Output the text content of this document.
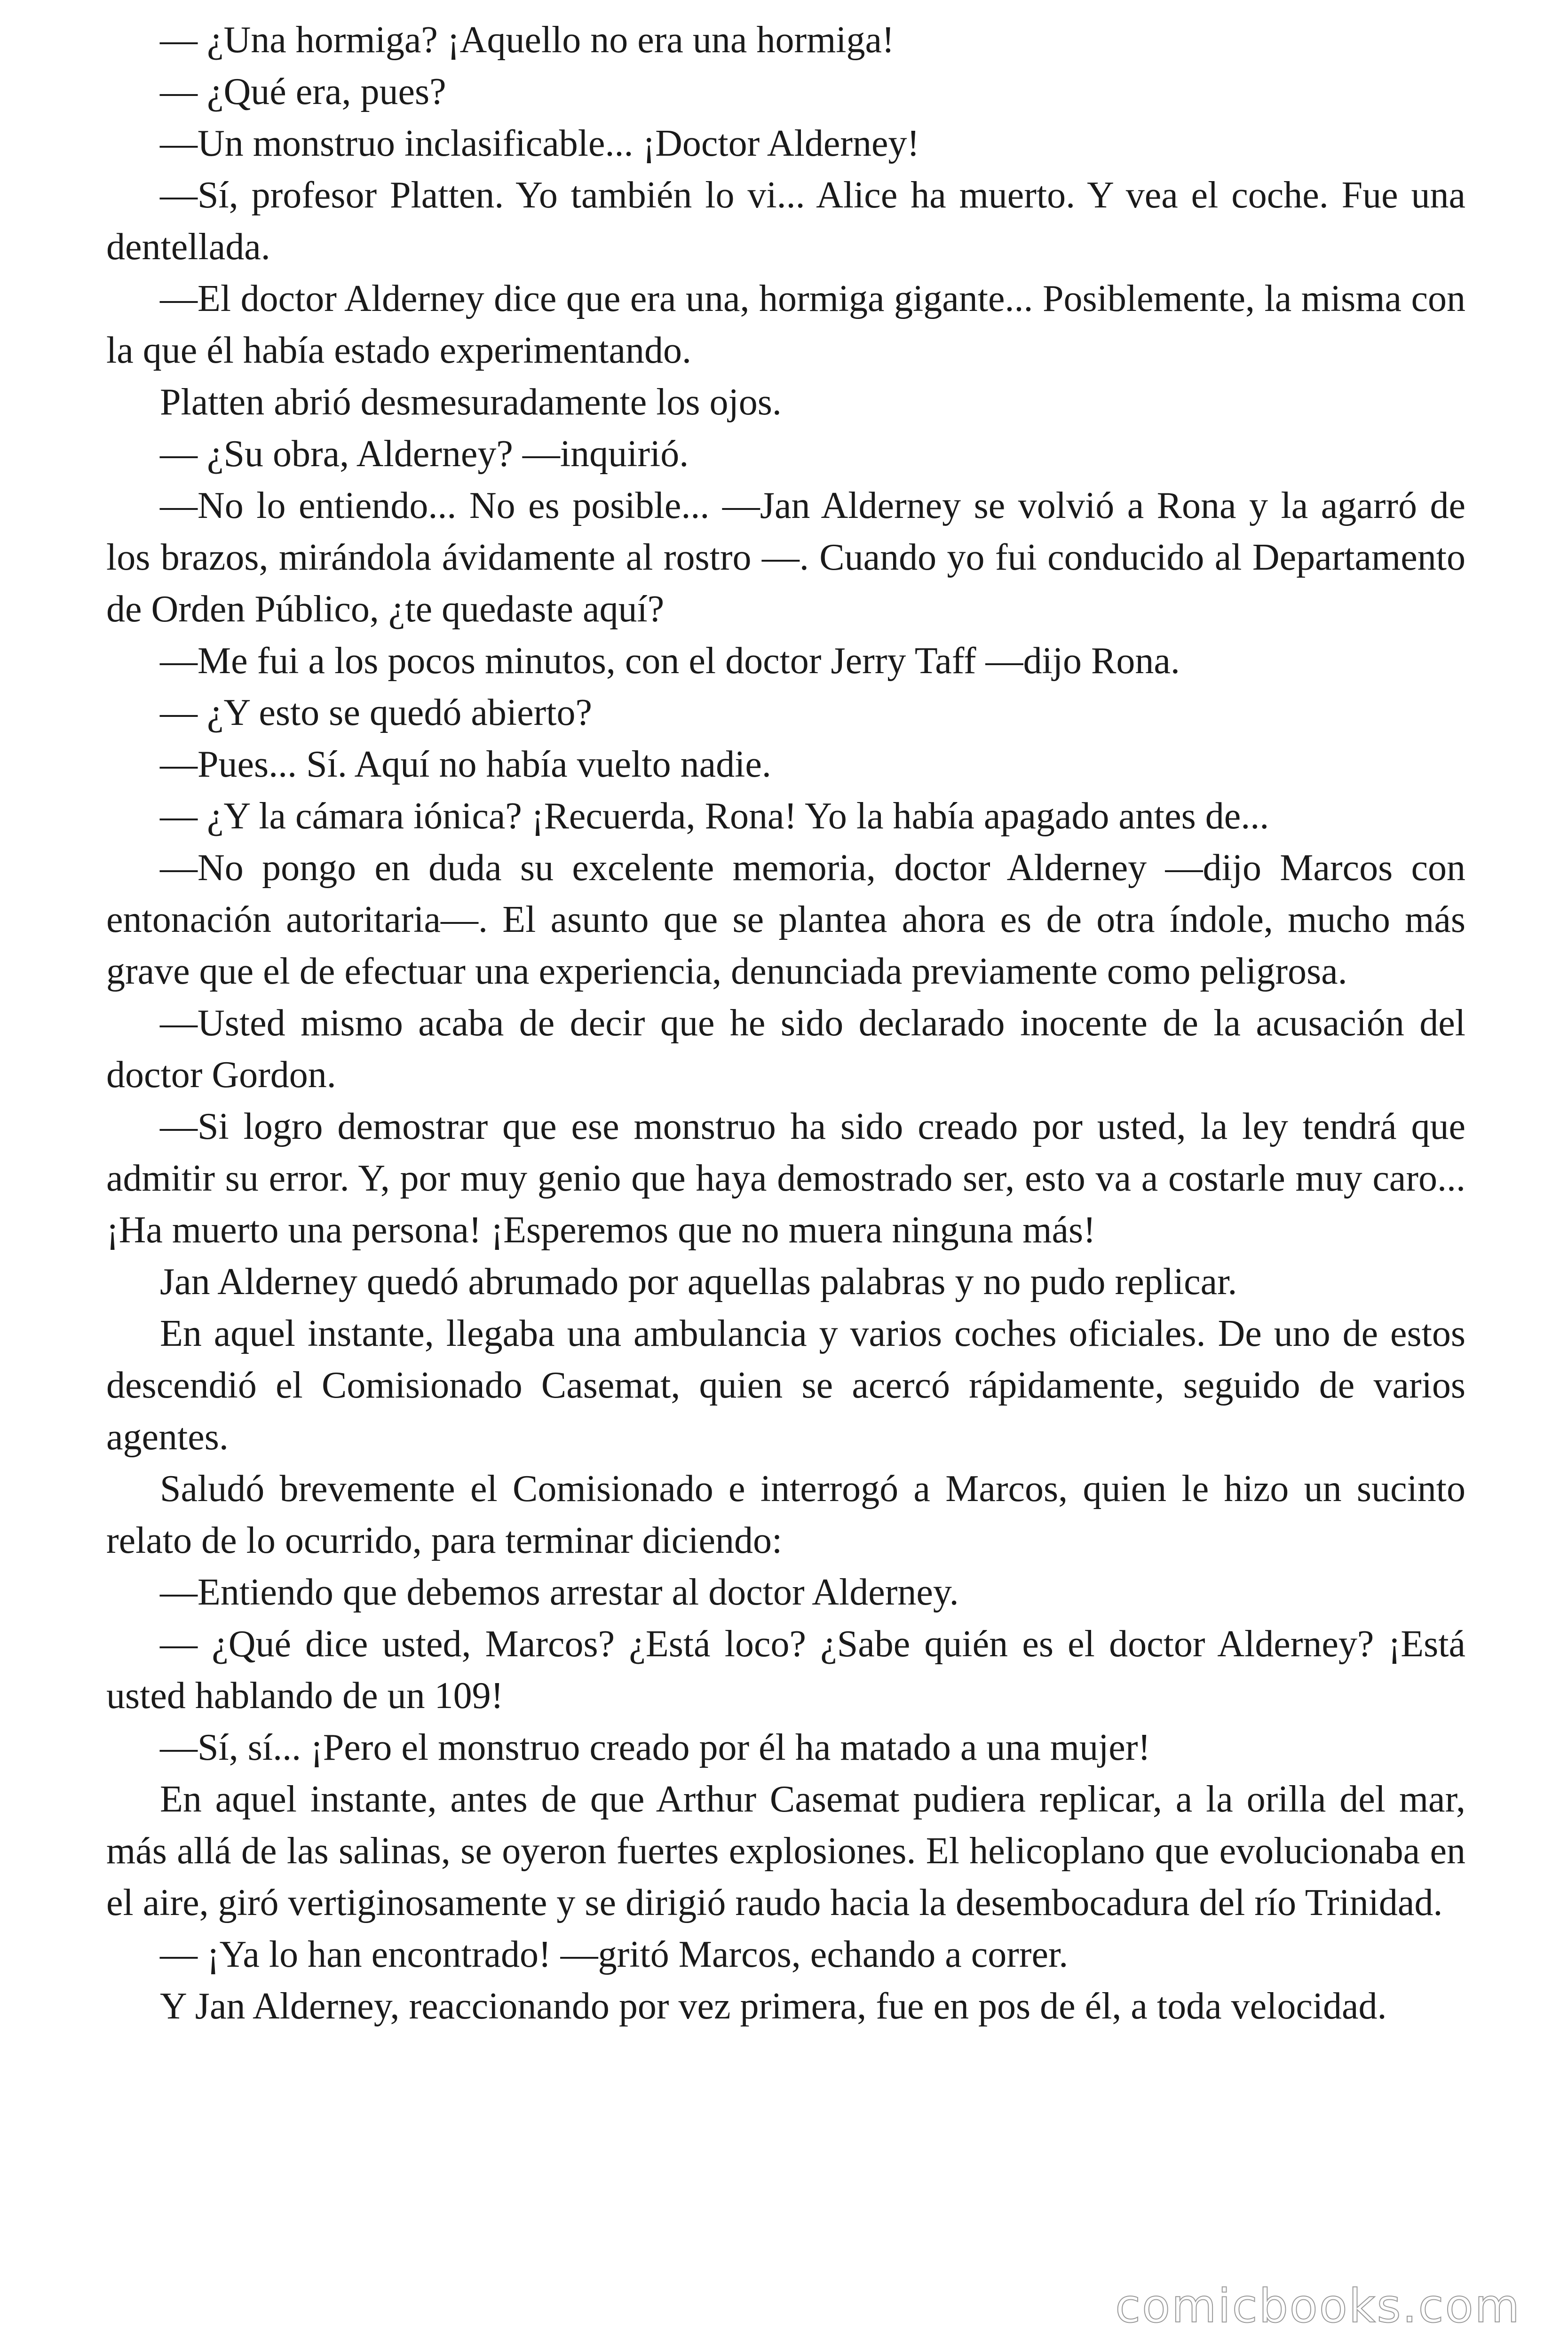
— ¿Una hormiga? ¡Aquello no era una hormiga!

— ¿Qué era, pues?

—Un monstruo inclasificable... ¡Doctor Alderney!

—Sí, profesor Platten. Yo también lo vi... Alice ha muerto. Y vea el coche. Fue una dentellada.

—El doctor Alderney dice que era una, hormiga gigante... Posiblemente, la misma con la que él había estado experimentando.

Platten abrió desmesuradamente los ojos.

— ¿Su obra, Alderney? —inquirió.

—No lo entiendo... No es posible... —Jan Alderney se volvió a Rona y la agarró de los brazos, mirándola ávidamente al rostro —. Cuando yo fui conducido al Departamento de Orden Público, ¿te quedaste aquí?

—Me fui a los pocos minutos, con el doctor Jerry Taff —dijo Rona.

— ¿Y esto se quedó abierto?

—Pues... Sí. Aquí no había vuelto nadie.

— ¿Y la cámara iónica? ¡Recuerda, Rona! Yo la había apagado antes de...

—No pongo en duda su excelente memoria, doctor Alderney —dijo Marcos con entonación autoritaria—. El asunto que se plantea ahora es de otra índole, mucho más grave que el de efectuar una experiencia, denunciada previamente como peligrosa.

—Usted mismo acaba de decir que he sido declarado inocente de la acusación del doctor Gordon.

—Si logro demostrar que ese monstruo ha sido creado por usted, la ley tendrá que admitir su error. Y, por muy genio que haya demostrado ser, esto va a costarle muy caro... ¡Ha muerto una persona! ¡Esperemos que no muera ninguna más!

Jan Alderney quedó abrumado por aquellas palabras y no pudo replicar.

En aquel instante, llegaba una ambulancia y varios coches oficiales. De uno de estos descendió el Comisionado Casemat, quien se acercó rápidamente, seguido de varios agentes.

Saludó brevemente el Comisionado e interrogó a Marcos, quien le hizo un sucinto relato de lo ocurrido, para terminar diciendo:

—Entiendo que debemos arrestar al doctor Alderney.

— ¿Qué dice usted, Marcos? ¿Está loco? ¿Sabe quién es el doctor Alderney? ¡Está usted hablando de un 109!

—Sí, sí... ¡Pero el monstruo creado por él ha matado a una mujer!

En aquel instante, antes de que Arthur Casemat pudiera replicar, a la orilla del mar, más allá de las salinas, se oyeron fuertes explosiones. El helicoplano que evolucionaba en el aire, giró vertiginosamente y se dirigió raudo hacia la desembocadura del río Trinidad.

— ¡Ya lo han encontrado! —gritó Marcos, echando a correr.

Y Jan Alderney, reaccionando por vez primera, fue en pos de él, a toda velocidad.

comicbooks.com
